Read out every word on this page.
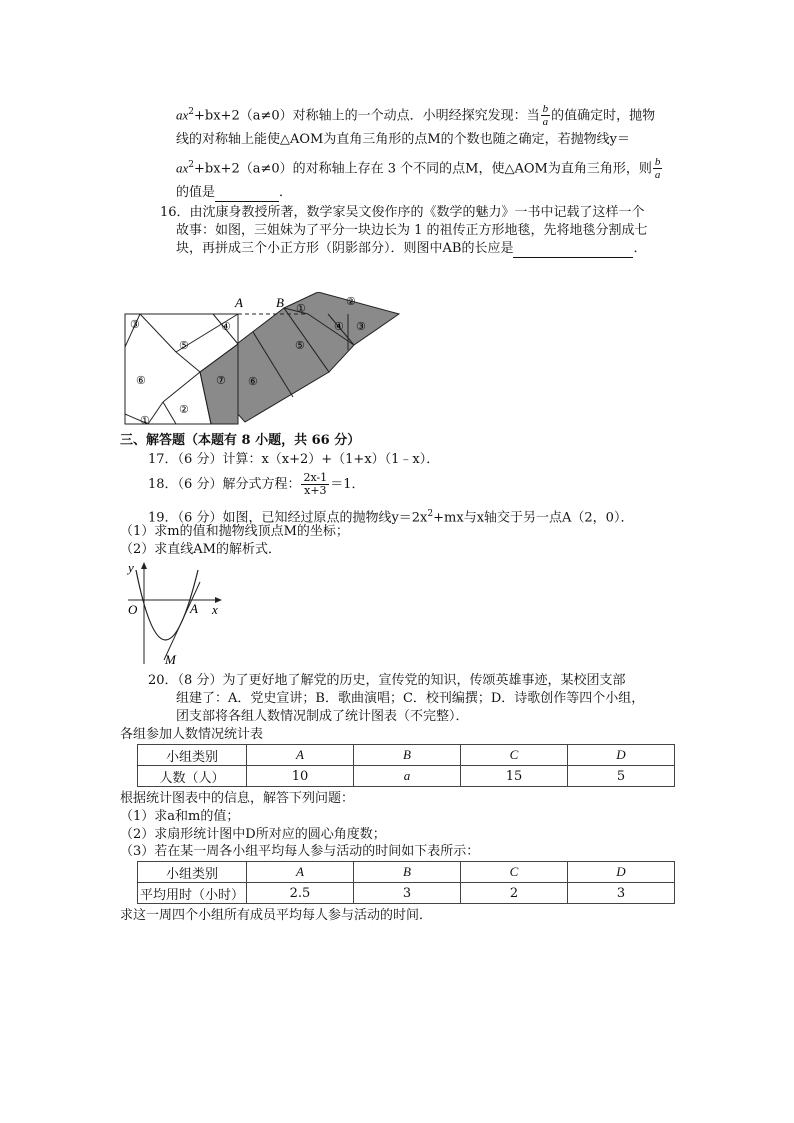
$ax^2+bx+2(a\ne 0)$对称轴上的一个动点．小明经探究发现：当 $\frac{b}{a}$ 的值确定时，抛物
线的对称轴上能使△AOM为直角三角形的点M的个数也随之确定，若抛物线y＝
$ax^2+bx+2(a\ne 0)$的对称轴上存在 3 个不同的点M，使△AOM为直角三角形，则 $\frac{b}{a}$
的值是	．
16．由沈康身教授所著，数学家吴文俊作序的《数学的魅力》一书中记载了这样一个
故事：如图，三姐妹为了平分一块边长为 1 的祖传正方形地毯，先将地毯分割成七
块，再拼成三个小正方形（阴影部分）．则图中AB的长应是	．
A	B
③	④
⑤
⑥	⑦
②
①
⑥
⑤
①
②
④ ③
三、解答题（本题有 8 小题，共 66 分）
17．（6 分）计算：x（x+2）+（1+x）（1﹣x）．
18．（6 分）解分式方程： $\frac{2x-1}{x+3} =1$．
19．（6 分）如图，已知经过原点的抛物线$y=2x^2+mx$与x轴交于另一点A（2，0）．
（1）求m的值和抛物线顶点M的坐标；
（2）求直线AM的解析式．
y
x
O	A
M
20．（8 分）为了更好地了解党的历史，宣传党的知识，传颂英雄事迹，某校团支部
组建了：A．党史宣讲；B．歌曲演唱；C．校刊编撰；D．诗歌创作等四个小组，
团支部将各组人数情况制成了统计图表（不完整）．
各组参加人数情况统计表
小组类别	A	B	C	D
人数（人）	10	a	15	5
根据统计图表中的信息，解答下列问题：
（1）求a和m的值；
（2）求扇形统计图中D所对应的圆心角度数；
（3）若在某一周各小组平均每人参与活动的时间如下表所示：
小组类别	A	B	C	D
平均用时（小时）	2.5	3	2	3
求这一周四个小组所有成员平均每人参与活动的时间．
